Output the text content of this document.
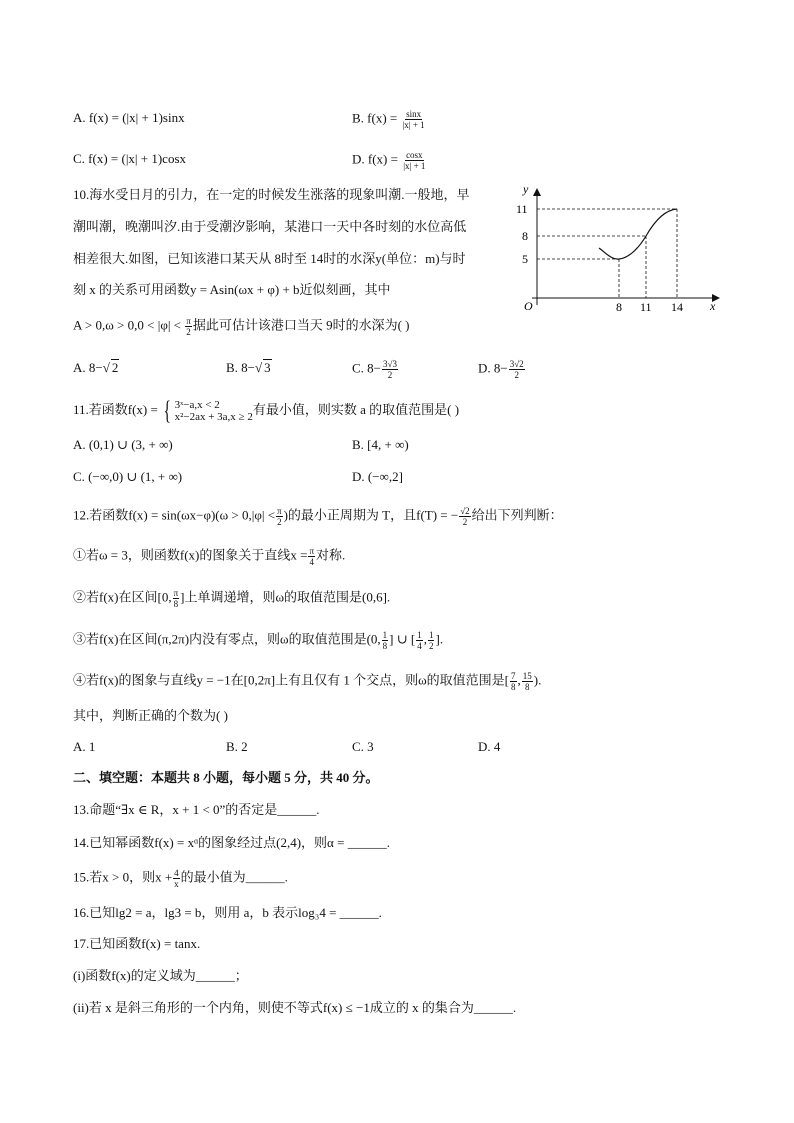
A. f(x) = (|x| + 1)sinx	B. $f(x) = \frac{\sin x}{|x| + 1}$
C. f(x) = (|x| + 1)cosx	D. $f(x) = \frac{\cos x}{|x| + 1}$
10.海水受日月的引力，在一定的时候发生涨落的现象叫潮.一般地，早
潮叫潮，晚潮叫汐.由于受潮汐影响，某港口一天中各时刻的水位高低
相差很大.如图，已知该港口某天从 8时至 14时的水深y(单位：m)与时
刻 x 的关系可用函数y = Asin(ωx + φ) + b近似刻画，其中
$A > 0,\omega > 0,0 < |\varphi| < \frac{\pi}{2}$ 据此可估计该港口当天 9时的水深为( )
y
x
O
11
8
5
8 11 14
A. 8−√ 2	B. 8−√ 3	C. $8- \frac{3√3}{2}$	D. $8- \frac{3√2}{2}$
11.若函数f(x) = { 3ˣ−a,x < 2
x²−2ax + 3a,x ≥ 2
有最小值，则实数 a 的取值范围是( )
A. (0,1) ∪ (3, + ∞)	B. [4, + ∞)
C. (−∞,0) ∪ (1, + ∞)	D. (−∞,2]
12.若函数$f(x) = \sin(\omega x-\varphi)(\omega > 0,|\varphi| < \frac{\pi}{2}$ )的最小正周期为 T，且f(T) = − $\frac{√2}{2}$ 给出下列判断：
①若ω = 3，则函数f(x)的图象关于直线$x = \frac{\pi}{4}$ 对称.
②若f(x)在区间[0, $\frac{\pi}{8}$ ]上单调递增，则ω的取值范围是(0,6].
③若f(x)在区间(π,2π)内没有零点，则ω的取值范围是(0, $\frac{1}{8}$ ] ∪ [ $\frac{1}{4}$ , $\frac{1}{2}$ ].
④若f(x)的图象与直线y = −1在[0,2π]上有且仅有 1 个交点，则ω的取值范围是[ $\frac{7}{8}$ , $\frac{15}{8}$ ).
其中，判断正确的个数为( )
A. 1	B. 2	C. 3	D. 4
二、填空题：本题共 8 小题，每小题 5 分，共 40 分。
13.命题“∃x ∈ R，x + 1 < 0”的否定是______.
14.已知幂函数f(x) = xᵅ的图象经过点(2,4)，则α = ______.
15.若x > 0，则$x + \frac{4}{x}$ 的最小值为______.
16.已知lg2 = a，lg3 = b，则用 a，b 表示log₃4 = ______.
17.已知函数f(x) = tanx.
(i)函数f(x)的定义域为______；
(ii)若 x 是斜三角形的一个内角，则使不等式f(x) ≤ −1成立的 x 的集合为______.
